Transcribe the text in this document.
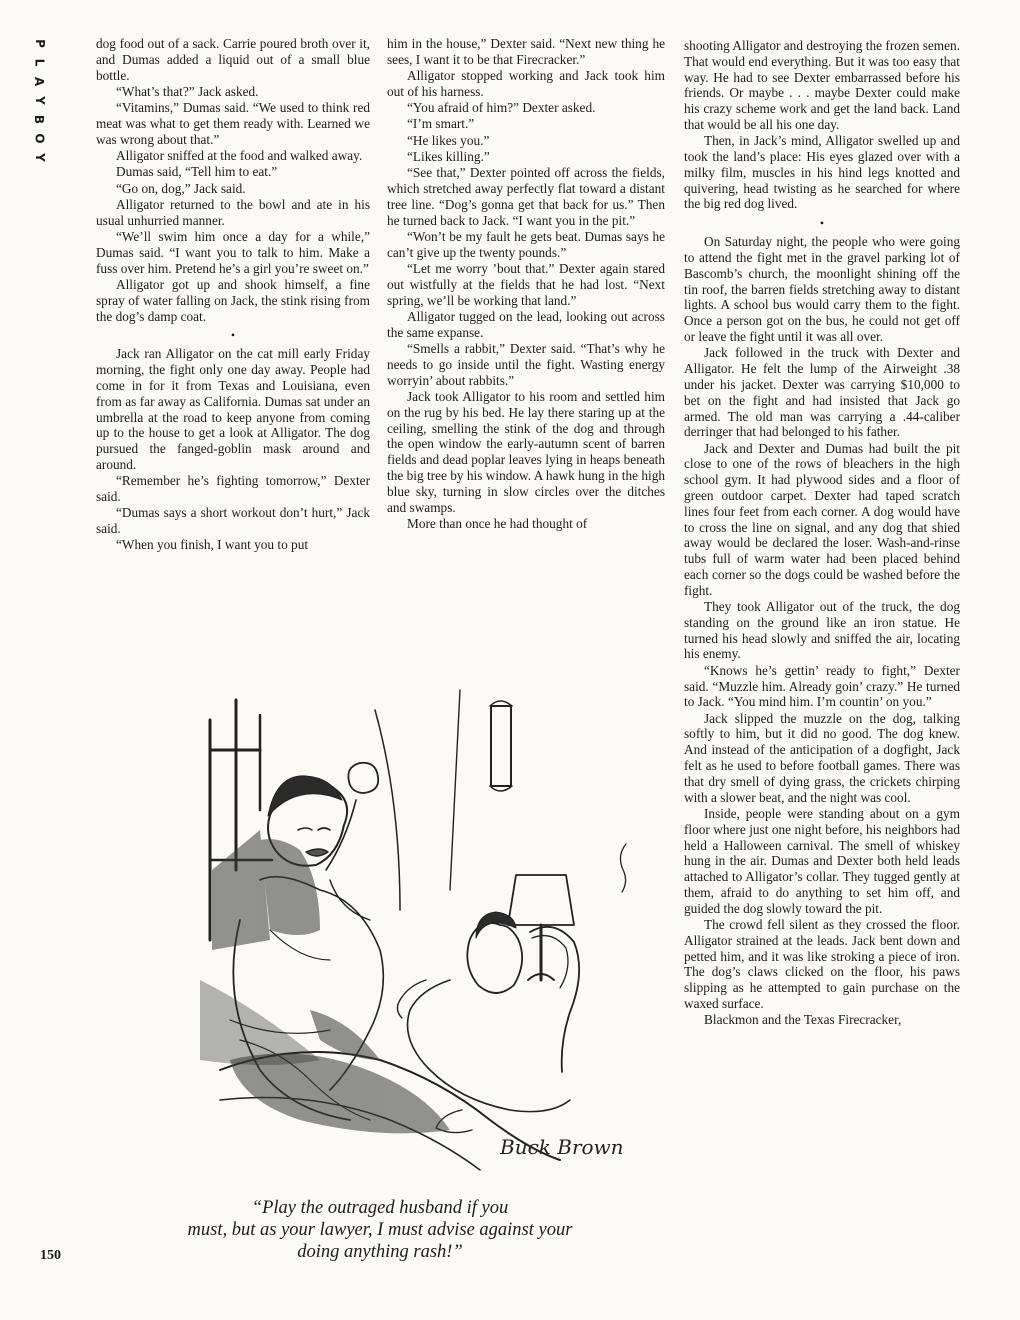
P
L
A
Y
B
O
Y

dog food out of a sack. Carrie poured broth over it, and Dumas added a liquid out of a small blue bottle.

“What’s that?” Jack asked.

“Vitamins,” Dumas said. “We used to think red meat was what to get them ready with. Learned we was wrong about that.”

Alligator sniffed at the food and walked away.

Dumas said, “Tell him to eat.”

“Go on, dog,” Jack said.

Alligator returned to the bowl and ate in his usual unhurried manner.

“We’ll swim him once a day for a while,” Dumas said. “I want you to talk to him. Make a fuss over him. Pretend he’s a girl you’re sweet on.”

Alligator got up and shook himself, a fine spray of water falling on Jack, the stink rising from the dog’s damp coat.

•

Jack ran Alligator on the cat mill early Friday morning, the fight only one day away. People had come in for it from Texas and Louisiana, even from as far away as California. Dumas sat under an umbrella at the road to keep anyone from coming up to the house to get a look at Alligator. The dog pursued the fanged-goblin mask around and around.

“Remember he’s fighting tomorrow,” Dexter said.

“Dumas says a short workout don’t hurt,” Jack said.

“When you finish, I want you to put

him in the house,” Dexter said. “Next new thing he sees, I want it to be that Firecracker.”

Alligator stopped working and Jack took him out of his harness.

“You afraid of him?” Dexter asked.

“I’m smart.”

“He likes you.”

“Likes killing.”

“See that,” Dexter pointed off across the fields, which stretched away perfectly flat toward a distant tree line. “Dog’s gonna get that back for us.” Then he turned back to Jack. “I want you in the pit.”

“Won’t be my fault he gets beat. Dumas says he can’t give up the twenty pounds.”

“Let me worry ’bout that.” Dexter again stared out wistfully at the fields that he had lost. “Next spring, we’ll be working that land.”

Alligator tugged on the lead, looking out across the same expanse.

“Smells a rabbit,” Dexter said. “That’s why he needs to go inside until the fight. Wasting energy worryin’ about rabbits.”

Jack took Alligator to his room and settled him on the rug by his bed. He lay there staring up at the ceiling, smelling the stink of the dog and through the open window the early-autumn scent of barren fields and dead poplar leaves lying in heaps beneath the big tree by his window. A hawk hung in the high blue sky, turning in slow circles over the ditches and swamps.

More than once he had thought of

shooting Alligator and destroying the frozen semen. That would end everything. But it was too easy that way. He had to see Dexter embarrassed before his friends. Or maybe . . . maybe Dexter could make his crazy scheme work and get the land back. Land that would be all his one day.

Then, in Jack’s mind, Alligator swelled up and took the land’s place: His eyes glazed over with a milky film, muscles in his hind legs knotted and quivering, head twisting as he searched for where the big red dog lived.

•

On Saturday night, the people who were going to attend the fight met in the gravel parking lot of Bascomb’s church, the moonlight shining off the tin roof, the barren fields stretching away to distant lights. A school bus would carry them to the fight. Once a person got on the bus, he could not get off or leave the fight until it was all over.

Jack followed in the truck with Dexter and Alligator. He felt the lump of the Airweight .38 under his jacket. Dexter was carrying $10,000 to bet on the fight and had insisted that Jack go armed. The old man was carrying a .44-caliber derringer that had belonged to his father.

Jack and Dexter and Dumas had built the pit close to one of the rows of bleachers in the high school gym. It had plywood sides and a floor of green outdoor carpet. Dexter had taped scratch lines four feet from each corner. A dog would have to cross the line on signal, and any dog that shied away would be declared the loser. Wash-and-rinse tubs full of warm water had been placed behind each corner so the dogs could be washed before the fight.

They took Alligator out of the truck, the dog standing on the ground like an iron statue. He turned his head slowly and sniffed the air, locating his enemy.

“Knows he’s gettin’ ready to fight,” Dexter said. “Muzzle him. Already goin’ crazy.” He turned to Jack. “You mind him. I’m countin’ on you.”

Jack slipped the muzzle on the dog, talking softly to him, but it did no good. The dog knew. And instead of the anticipation of a dogfight, Jack felt as he used to before football games. There was that dry smell of dying grass, the crickets chirping with a slower beat, and the night was cool.

Inside, people were standing about on a gym floor where just one night before, his neighbors had held a Halloween carnival. The smell of whiskey hung in the air. Dumas and Dexter both held leads attached to Alligator’s collar. They tugged gently at them, afraid to do anything to set him off, and guided the dog slowly toward the pit.

The crowd fell silent as they crossed the floor. Alligator strained at the leads. Jack bent down and petted him, and it was like stroking a piece of iron. The dog’s claws clicked on the floor, his paws slipping as he attempted to gain purchase on the waxed surface.

Blackmon and the Texas Firecracker,

Buck Brown
“Play the outraged husband if you
must, but as your lawyer, I must advise against your
doing anything rash!”
150
